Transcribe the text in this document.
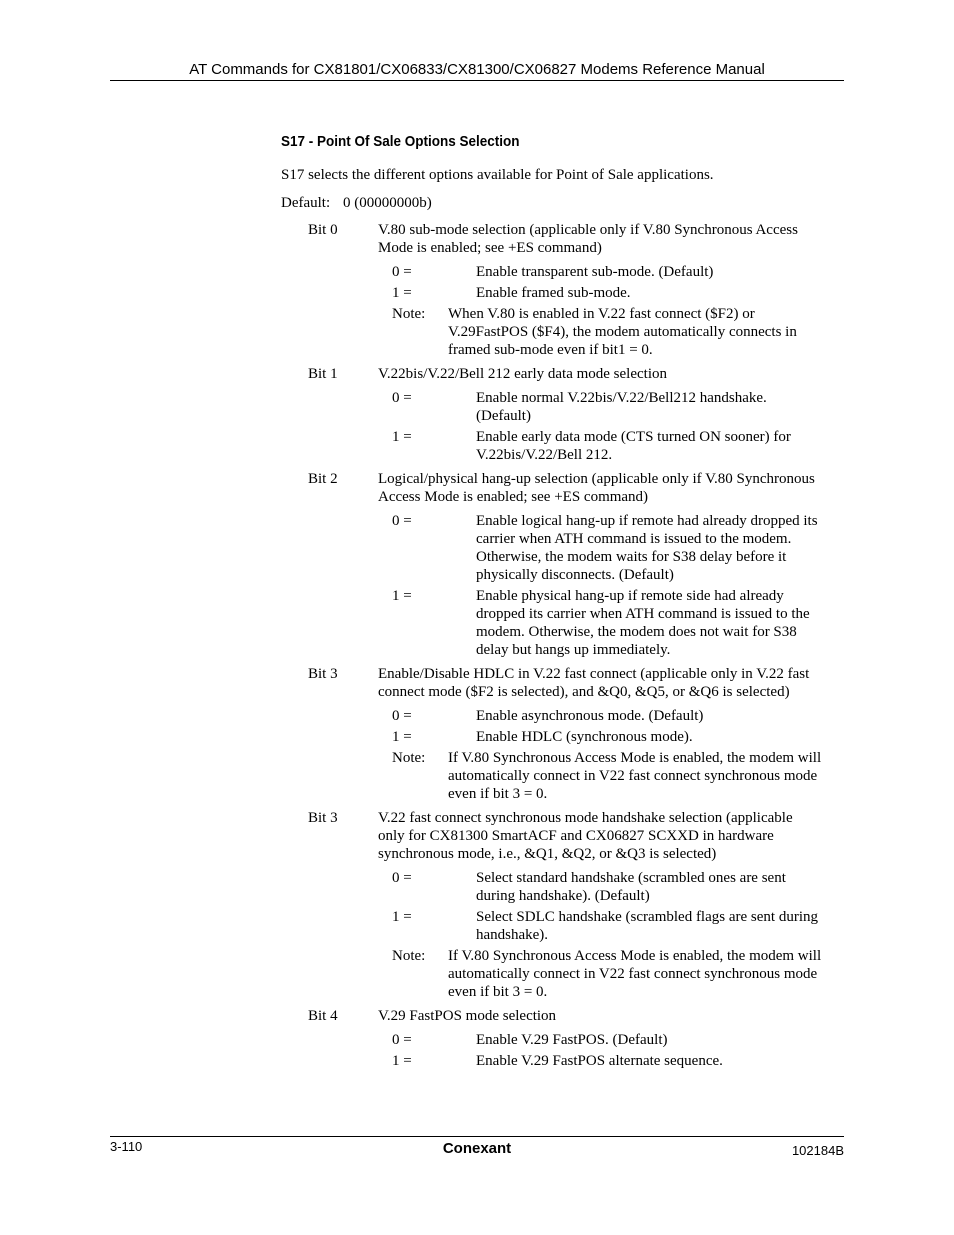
AT Commands for CX81801/CX06833/CX81300/CX06827 Modems Reference Manual
S17 - Point Of Sale Options Selection
S17 selects the different options available for Point of Sale applications.
Default: 0 (00000000b)
Bit 0	V.80 sub-mode selection (applicable only if V.80 Synchronous Access
Mode is enabled; see +ES command)
0 =	Enable transparent sub-mode. (Default)
1 =	Enable framed sub-mode.
Note: When V.80 is enabled in V.22 fast connect ($F2) or
V.29FastPOS ($F4), the modem automatically connects in
framed sub-mode even if bit1 = 0.
Bit 1	V.22bis/V.22/Bell 212 early data mode selection
0 =	Enable normal V.22bis/V.22/Bell212 handshake.
(Default)
1 =	Enable early data mode (CTS turned ON sooner) for
V.22bis/V.22/Bell 212.
Bit 2	Logical/physical hang-up selection (applicable only if V.80 Synchronous
Access Mode is enabled; see +ES command)
0 =	Enable logical hang-up if remote had already dropped its
carrier when ATH command is issued to the modem.
Otherwise, the modem waits for S38 delay before it
physically disconnects. (Default)
1 =	Enable physical hang-up if remote side had already
dropped its carrier when ATH command is issued to the
modem. Otherwise, the modem does not wait for S38
delay but hangs up immediately.
Bit 3	Enable/Disable HDLC in V.22 fast connect (applicable only in V.22 fast
connect mode ($F2 is selected), and &Q0, &Q5, or &Q6 is selected)
0 =	Enable asynchronous mode. (Default)
1 =	Enable HDLC (synchronous mode).
Note: If V.80 Synchronous Access Mode is enabled, the modem will
automatically connect in V22 fast connect synchronous mode
even if bit 3 = 0.
Bit 3	V.22 fast connect synchronous mode handshake selection (applicable
only for CX81300 SmartACF and CX06827 SCXXD in hardware
synchronous mode, i.e., &Q1, &Q2, or &Q3 is selected)
0 =	Select standard handshake (scrambled ones are sent
during handshake). (Default)
1 =	Select SDLC handshake (scrambled flags are sent during
handshake).
Note: If V.80 Synchronous Access Mode is enabled, the modem will
automatically connect in V22 fast connect synchronous mode
even if bit 3 = 0.
Bit 4	V.29 FastPOS mode selection
0 =	Enable V.29 FastPOS. (Default)
1 =	Enable V.29 FastPOS alternate sequence.
3-110	Conexant	102184B
